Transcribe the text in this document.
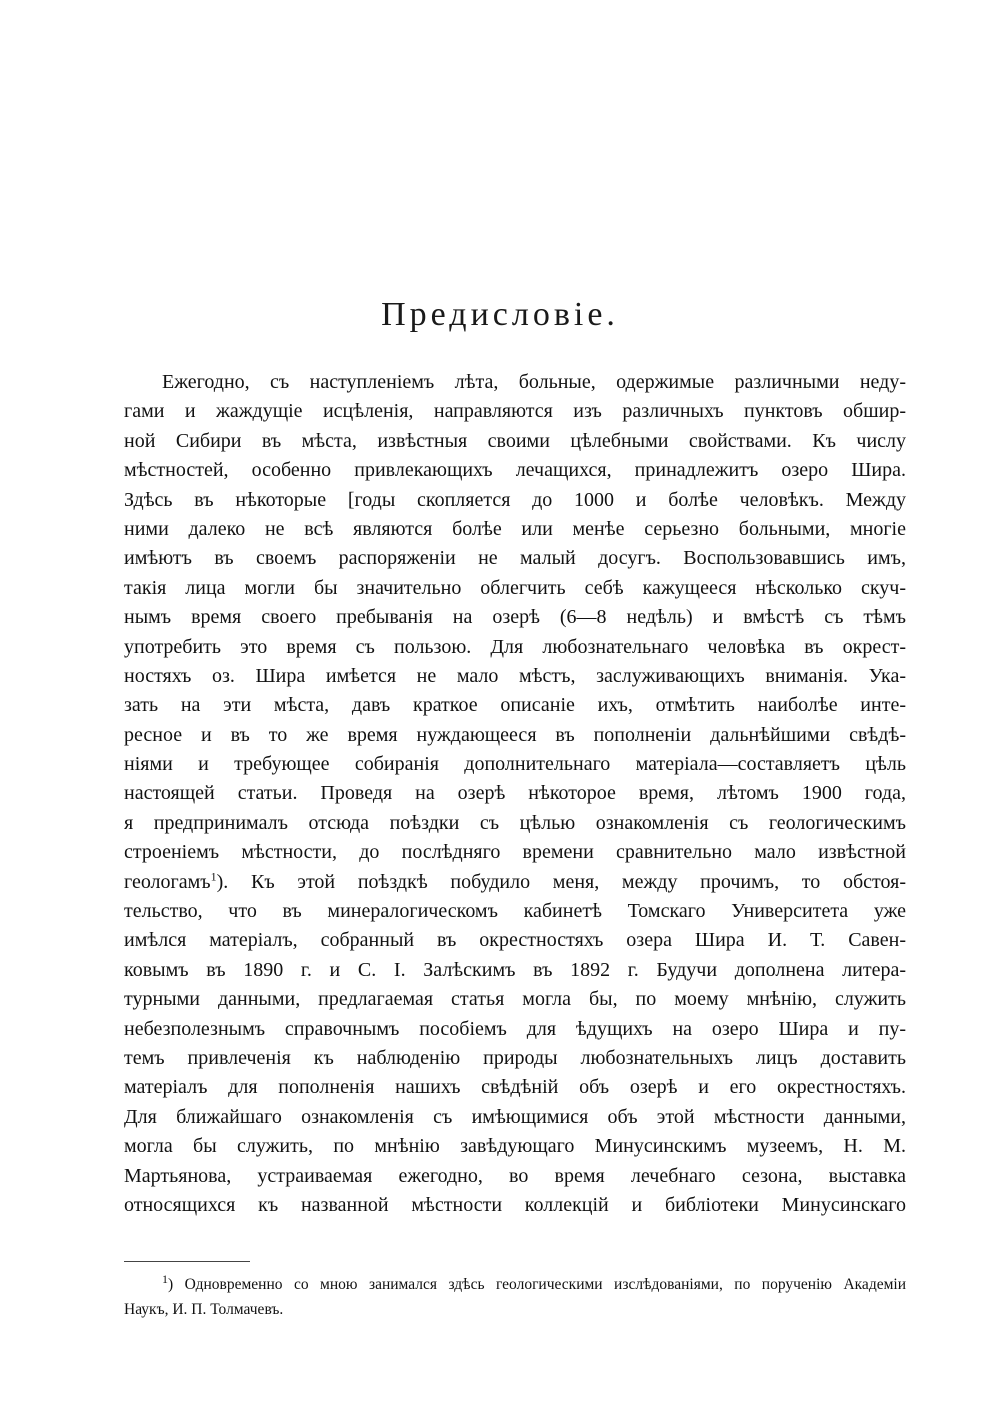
Предисловіе.
Ежегодно, съ наступленіемъ лѣта, больные, одержимые различными неду-
гами и жаждущіе исцѣленія, направляются изъ различныхъ пунктовъ обшир-
ной Сибири въ мѣста, извѣстныя своими цѣлебными свойствами. Къ числу
мѣстностей, особенно привлекающихъ лечащихся, принадлежитъ озеро Шира.
Здѣсь въ нѣкоторые [годы скопляется до 1000 и болѣе человѣкъ. Между
ними далеко не всѣ являются болѣе или менѣе серьезно больными, многіе
имѣютъ въ своемъ распоряженіи не малый досугъ. Воспользовавшись имъ,
такія лица могли бы значительно облегчить себѣ кажущееся нѣсколько скуч-
нымъ время своего пребыванія на озерѣ (6—8 недѣль) и вмѣстѣ съ тѣмъ
употребить это время съ пользою. Для любознательнаго человѣка въ окрест-
ностяхъ оз. Шира имѣется не мало мѣстъ, заслуживающихъ вниманія. Ука-
зать на эти мѣста, давъ краткое описаніе ихъ, отмѣтить наиболѣе инте-
ресное и въ то же время нуждающееся въ пополненіи дальнѣйшими свѣдѣ-
ніями и требующее собиранія дополнительнаго матеріала—составляетъ цѣль
настоящей статьи. Проведя на озерѣ нѣкоторое время, лѣтомъ 1900 года,
я предпринималъ отсюда поѣздки съ цѣлью ознакомленія съ геологическимъ
строеніемъ мѣстности, до послѣдняго времени сравнительно мало извѣстной
геологамъ$^1$). Къ этой поѣздкѣ побудило меня, между прочимъ, то обстоя-
тельство, что въ минералогическомъ кабинетѣ Томскаго Университета уже
имѣлся матеріалъ, собранный въ окрестностяхъ озера Шира И. Т. Савен-
ковымъ въ 1890 г. и С. І. Залѣскимъ въ 1892 г. Будучи дополнена литера-
турными данными, предлагаемая статья могла бы, по моему мнѣнію, служить
небезполезнымъ справочнымъ пособіемъ для ѣдущихъ на озеро Шира и пу-
темъ привлеченія къ наблюденію природы любознательныхъ лицъ доставить
матеріалъ для пополненія нашихъ свѣдѣній объ озерѣ и его окрестностяхъ.
Для ближайшаго ознакомленія съ имѣющимися объ этой мѣстности данными,
могла бы служить, по мнѣнію завѣдующаго Минусинскимъ музеемъ, Н. М.
Мартьянова, устраиваемая ежегодно, во время лечебнаго сезона, выставка
относящихся къ названной мѣстности коллекцій и библіотеки Минусинскаго
$^1$) Одновременно со мною занимался здѣсь геологическими изслѣдованіями, по порученію Академіи
Наукъ, И. П. Толмачевъ.
